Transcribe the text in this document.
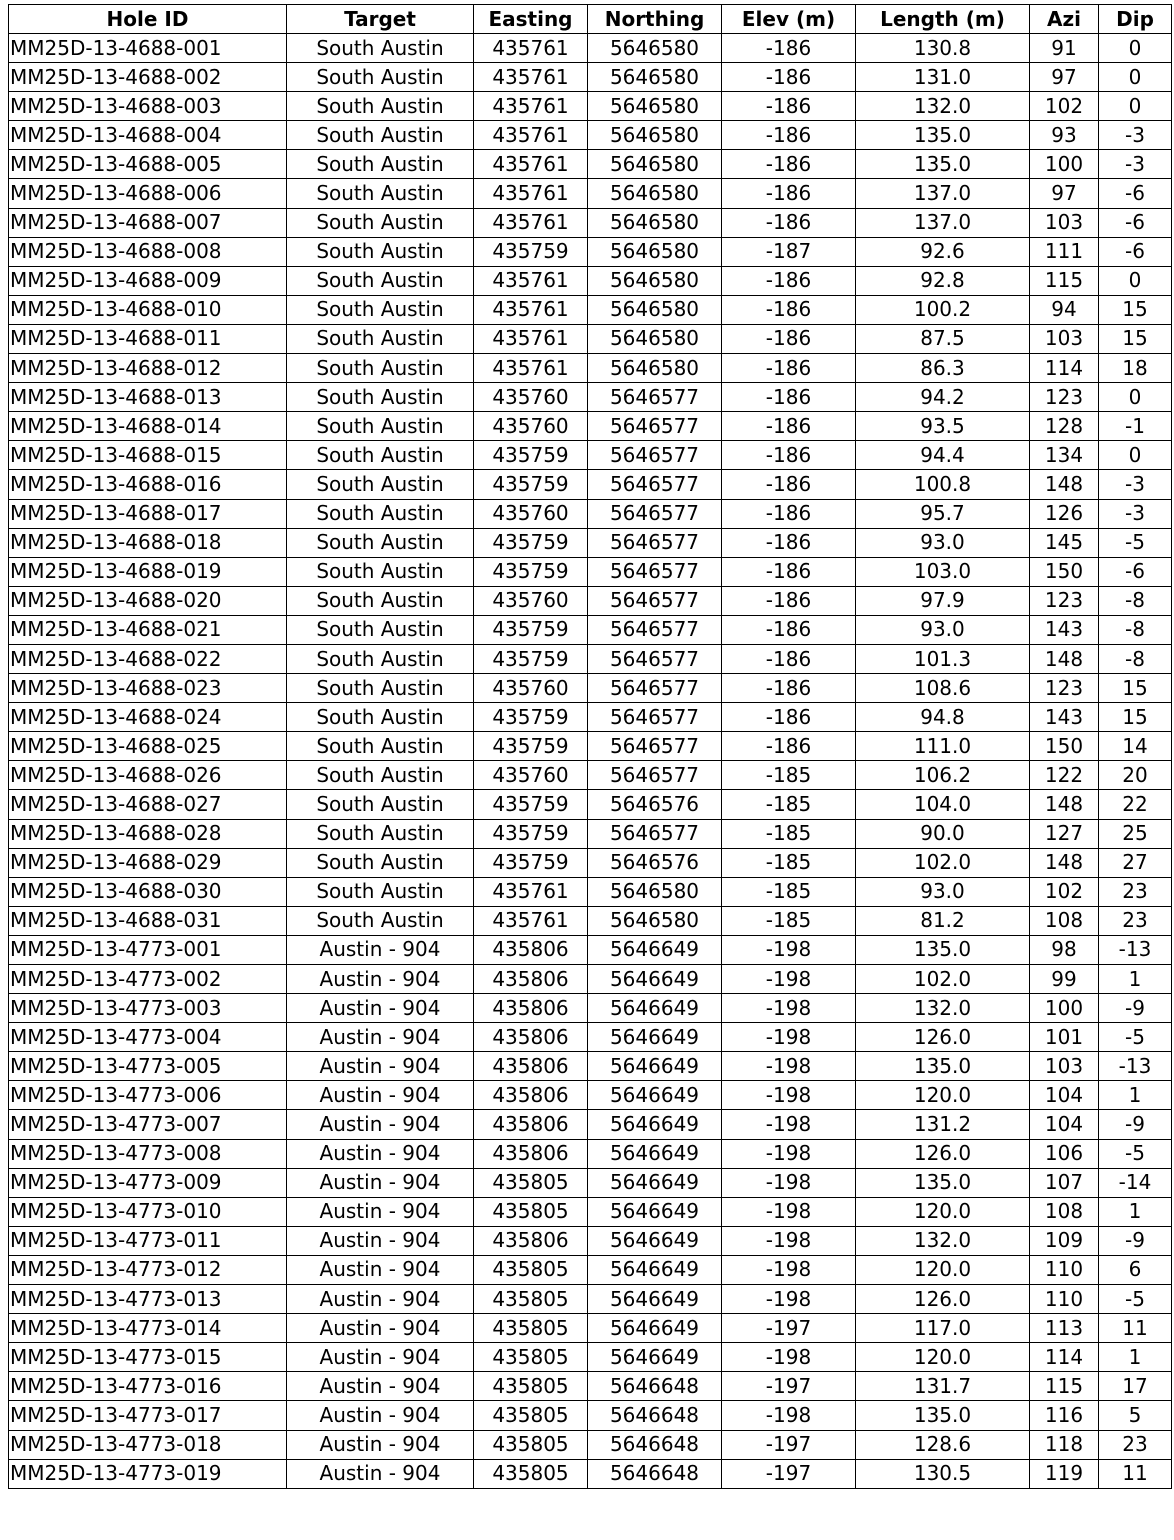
Hole ID	Target	Easting	Northing	Elev (m)	Length (m)	Azi	Dip
MM25D-13-4688-001	South Austin	435761	5646580	-186	130.8	91	0
MM25D-13-4688-002	South Austin	435761	5646580	-186	131.0	97	0
MM25D-13-4688-003	South Austin	435761	5646580	-186	132.0	102	0
MM25D-13-4688-004	South Austin	435761	5646580	-186	135.0	93	-3
MM25D-13-4688-005	South Austin	435761	5646580	-186	135.0	100	-3
MM25D-13-4688-006	South Austin	435761	5646580	-186	137.0	97	-6
MM25D-13-4688-007	South Austin	435761	5646580	-186	137.0	103	-6
MM25D-13-4688-008	South Austin	435759	5646580	-187	92.6	111	-6
MM25D-13-4688-009	South Austin	435761	5646580	-186	92.8	115	0
MM25D-13-4688-010	South Austin	435761	5646580	-186	100.2	94	15
MM25D-13-4688-011	South Austin	435761	5646580	-186	87.5	103	15
MM25D-13-4688-012	South Austin	435761	5646580	-186	86.3	114	18
MM25D-13-4688-013	South Austin	435760	5646577	-186	94.2	123	0
MM25D-13-4688-014	South Austin	435760	5646577	-186	93.5	128	-1
MM25D-13-4688-015	South Austin	435759	5646577	-186	94.4	134	0
MM25D-13-4688-016	South Austin	435759	5646577	-186	100.8	148	-3
MM25D-13-4688-017	South Austin	435760	5646577	-186	95.7	126	-3
MM25D-13-4688-018	South Austin	435759	5646577	-186	93.0	145	-5
MM25D-13-4688-019	South Austin	435759	5646577	-186	103.0	150	-6
MM25D-13-4688-020	South Austin	435760	5646577	-186	97.9	123	-8
MM25D-13-4688-021	South Austin	435759	5646577	-186	93.0	143	-8
MM25D-13-4688-022	South Austin	435759	5646577	-186	101.3	148	-8
MM25D-13-4688-023	South Austin	435760	5646577	-186	108.6	123	15
MM25D-13-4688-024	South Austin	435759	5646577	-186	94.8	143	15
MM25D-13-4688-025	South Austin	435759	5646577	-186	111.0	150	14
MM25D-13-4688-026	South Austin	435760	5646577	-185	106.2	122	20
MM25D-13-4688-027	South Austin	435759	5646576	-185	104.0	148	22
MM25D-13-4688-028	South Austin	435759	5646577	-185	90.0	127	25
MM25D-13-4688-029	South Austin	435759	5646576	-185	102.0	148	27
MM25D-13-4688-030	South Austin	435761	5646580	-185	93.0	102	23
MM25D-13-4688-031	South Austin	435761	5646580	-185	81.2	108	23
MM25D-13-4773-001	Austin - 904	435806	5646649	-198	135.0	98	-13
MM25D-13-4773-002	Austin - 904	435806	5646649	-198	102.0	99	1
MM25D-13-4773-003	Austin - 904	435806	5646649	-198	132.0	100	-9
MM25D-13-4773-004	Austin - 904	435806	5646649	-198	126.0	101	-5
MM25D-13-4773-005	Austin - 904	435806	5646649	-198	135.0	103	-13
MM25D-13-4773-006	Austin - 904	435806	5646649	-198	120.0	104	1
MM25D-13-4773-007	Austin - 904	435806	5646649	-198	131.2	104	-9
MM25D-13-4773-008	Austin - 904	435806	5646649	-198	126.0	106	-5
MM25D-13-4773-009	Austin - 904	435805	5646649	-198	135.0	107	-14
MM25D-13-4773-010	Austin - 904	435805	5646649	-198	120.0	108	1
MM25D-13-4773-011	Austin - 904	435806	5646649	-198	132.0	109	-9
MM25D-13-4773-012	Austin - 904	435805	5646649	-198	120.0	110	6
MM25D-13-4773-013	Austin - 904	435805	5646649	-198	126.0	110	-5
MM25D-13-4773-014	Austin - 904	435805	5646649	-197	117.0	113	11
MM25D-13-4773-015	Austin - 904	435805	5646649	-198	120.0	114	1
MM25D-13-4773-016	Austin - 904	435805	5646648	-197	131.7	115	17
MM25D-13-4773-017	Austin - 904	435805	5646648	-198	135.0	116	5
MM25D-13-4773-018	Austin - 904	435805	5646648	-197	128.6	118	23
MM25D-13-4773-019	Austin - 904	435805	5646648	-197	130.5	119	11
